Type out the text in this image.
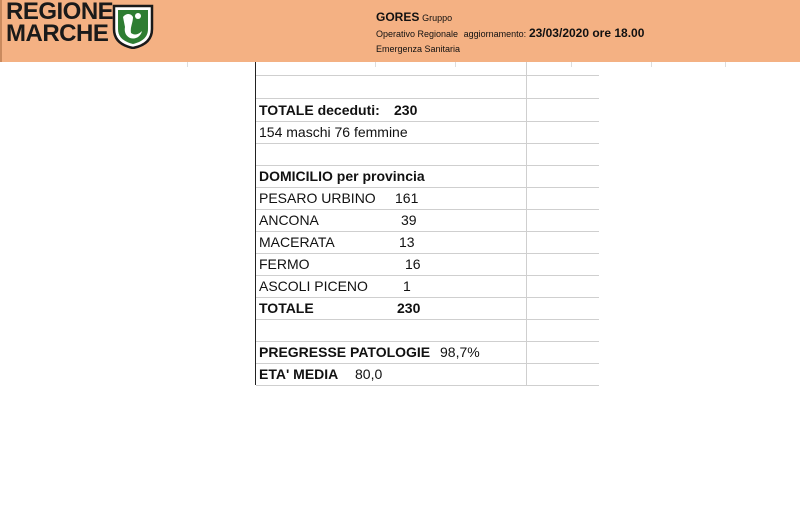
REGIONE
MARCHE
GORES Gruppo
Operativo Regionale aggiornamento: 23/03/2020 ore 18.00
Emergenza Sanitaria
TOTALE deceduti: 230
154 maschi 76 femmine
DOMICILIO per provincia
PESARO URBINO 161
ANCONA	39
MACERATA	13
FERMO	16
ASCOLI PICENO	1
TOTALE	230
PREGRESSE PATOLOGIE 98,7%
ETA' MEDIA 80,0
